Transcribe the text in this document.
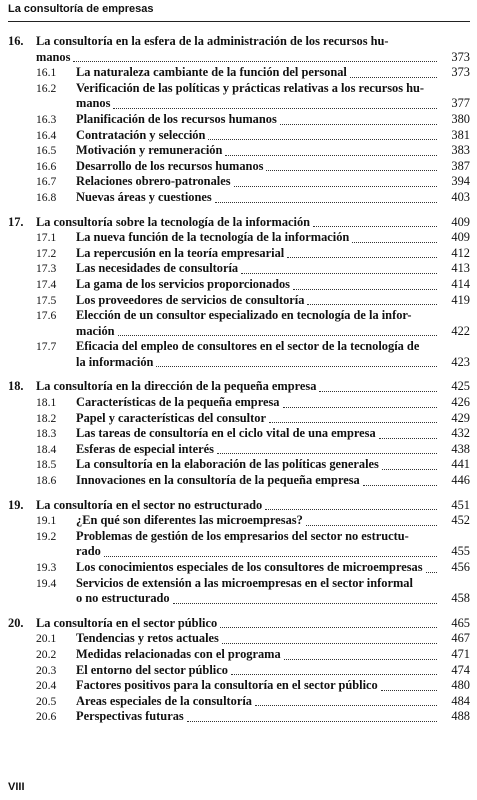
La consultoría de empresas
16.	La consultoría en la esfera de la administración de los recursos hu-
manos	373
16.1	La naturaleza cambiante de la función del personal	373
16.2	Verificación de las políticas y prácticas relativas a los recursos hu-
manos	377
16.3	Planificación de los recursos humanos	380
16.4	Contratación y selección	381
16.5	Motivación y remuneración	383
16.6	Desarrollo de los recursos humanos	387
16.7	Relaciones obrero-patronales	394
16.8	Nuevas áreas y cuestiones	403
17.	La consultoría sobre la tecnología de la información	409
17.1	La nueva función de la tecnología de la información	409
17.2	La repercusión en la teoría empresarial	412
17.3	Las necesidades de consultoría	413
17.4	La gama de los servicios proporcionados	414
17.5	Los proveedores de servicios de consultoría	419
17.6	Elección de un consultor especializado en tecnología de la infor-
mación	422
17.7	Eficacia del empleo de consultores en el sector de la tecnología de
la información	423
18.	La consultoría en la dirección de la pequeña empresa	425
18.1	Características de la pequeña empresa	426
18.2	Papel y características del consultor	429
18.3	Las tareas de consultoría en el ciclo vital de una empresa	432
18.4	Esferas de especial interés	438
18.5	La consultoría en la elaboración de las políticas generales	441
18.6	Innovaciones en la consultoría de la pequeña empresa	446
19.	La consultoría en el sector no estructurado	451
19.1	¿En qué son diferentes las microempresas?	452
19.2	Problemas de gestión de los empresarios del sector no estructu-
rado	455
19.3	Los conocimientos especiales de los consultores de microempresas	456
19.4	Servicios de extensión a las microempresas en el sector informal
o no estructurado	458
20.	La consultoría en el sector público	465
20.1	Tendencias y retos actuales	467
20.2	Medidas relacionadas con el programa	471
20.3	El entorno del sector público	474
20.4	Factores positivos para la consultoría en el sector público	480
20.5	Areas especiales de la consultoría	484
20.6	Perspectivas futuras	488
VIII
